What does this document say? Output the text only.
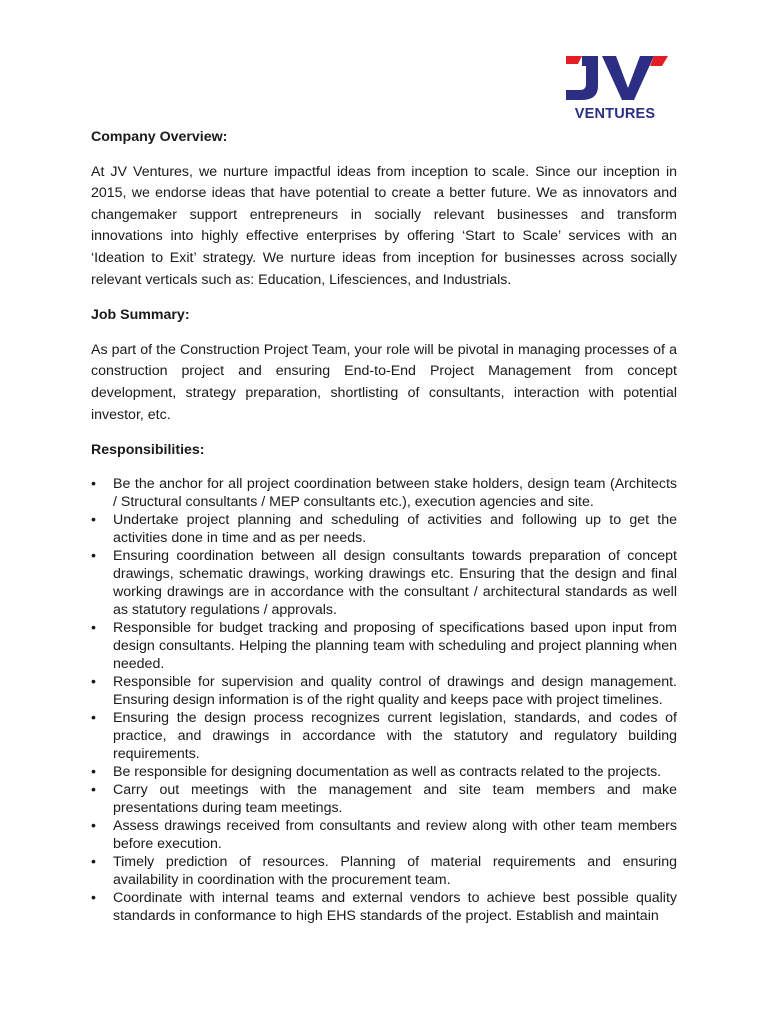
VENTURES

Company Overview:

At JV Ventures, we nurture impactful ideas from inception to scale. Since our inception in 2015, we endorse ideas that have potential to create a better future. We as innovators and changemaker support entrepreneurs in socially relevant businesses and transform innovations into highly effective enterprises by offering ‘Start to Scale’ services with an ‘Ideation to Exit’ strategy. We nurture ideas from inception for businesses across socially relevant verticals such as: Education, Lifesciences, and Industrials.

Job Summary:

As part of the Construction Project Team, your role will be pivotal in managing processes of a construction project and ensuring End-to-End Project Management from concept development, strategy preparation, shortlisting of consultants, interaction with potential investor, etc.

Responsibilities:

• Be the anchor for all project coordination between stake holders, design team (Architects / Structural consultants / MEP consultants etc.), execution agencies and site.
• Undertake project planning and scheduling of activities and following up to get the activities done in time and as per needs.
• Ensuring coordination between all design consultants towards preparation of concept drawings, schematic drawings, working drawings etc. Ensuring that the design and final working drawings are in accordance with the consultant / architectural standards as well as statutory regulations / approvals.
• Responsible for budget tracking and proposing of specifications based upon input from design consultants. Helping the planning team with scheduling and project planning when needed.
• Responsible for supervision and quality control of drawings and design management. Ensuring design information is of the right quality and keeps pace with project timelines.
• Ensuring the design process recognizes current legislation, standards, and codes of practice, and drawings in accordance with the statutory and regulatory building requirements.
• Be responsible for designing documentation as well as contracts related to the projects.
• Carry out meetings with the management and site team members and make presentations during team meetings.
• Assess drawings received from consultants and review along with other team members before execution.
• Timely prediction of resources. Planning of material requirements and ensuring availability in coordination with the procurement team.
• Coordinate with internal teams and external vendors to achieve best possible quality standards in conformance to high EHS standards of the project. Establish and maintain
